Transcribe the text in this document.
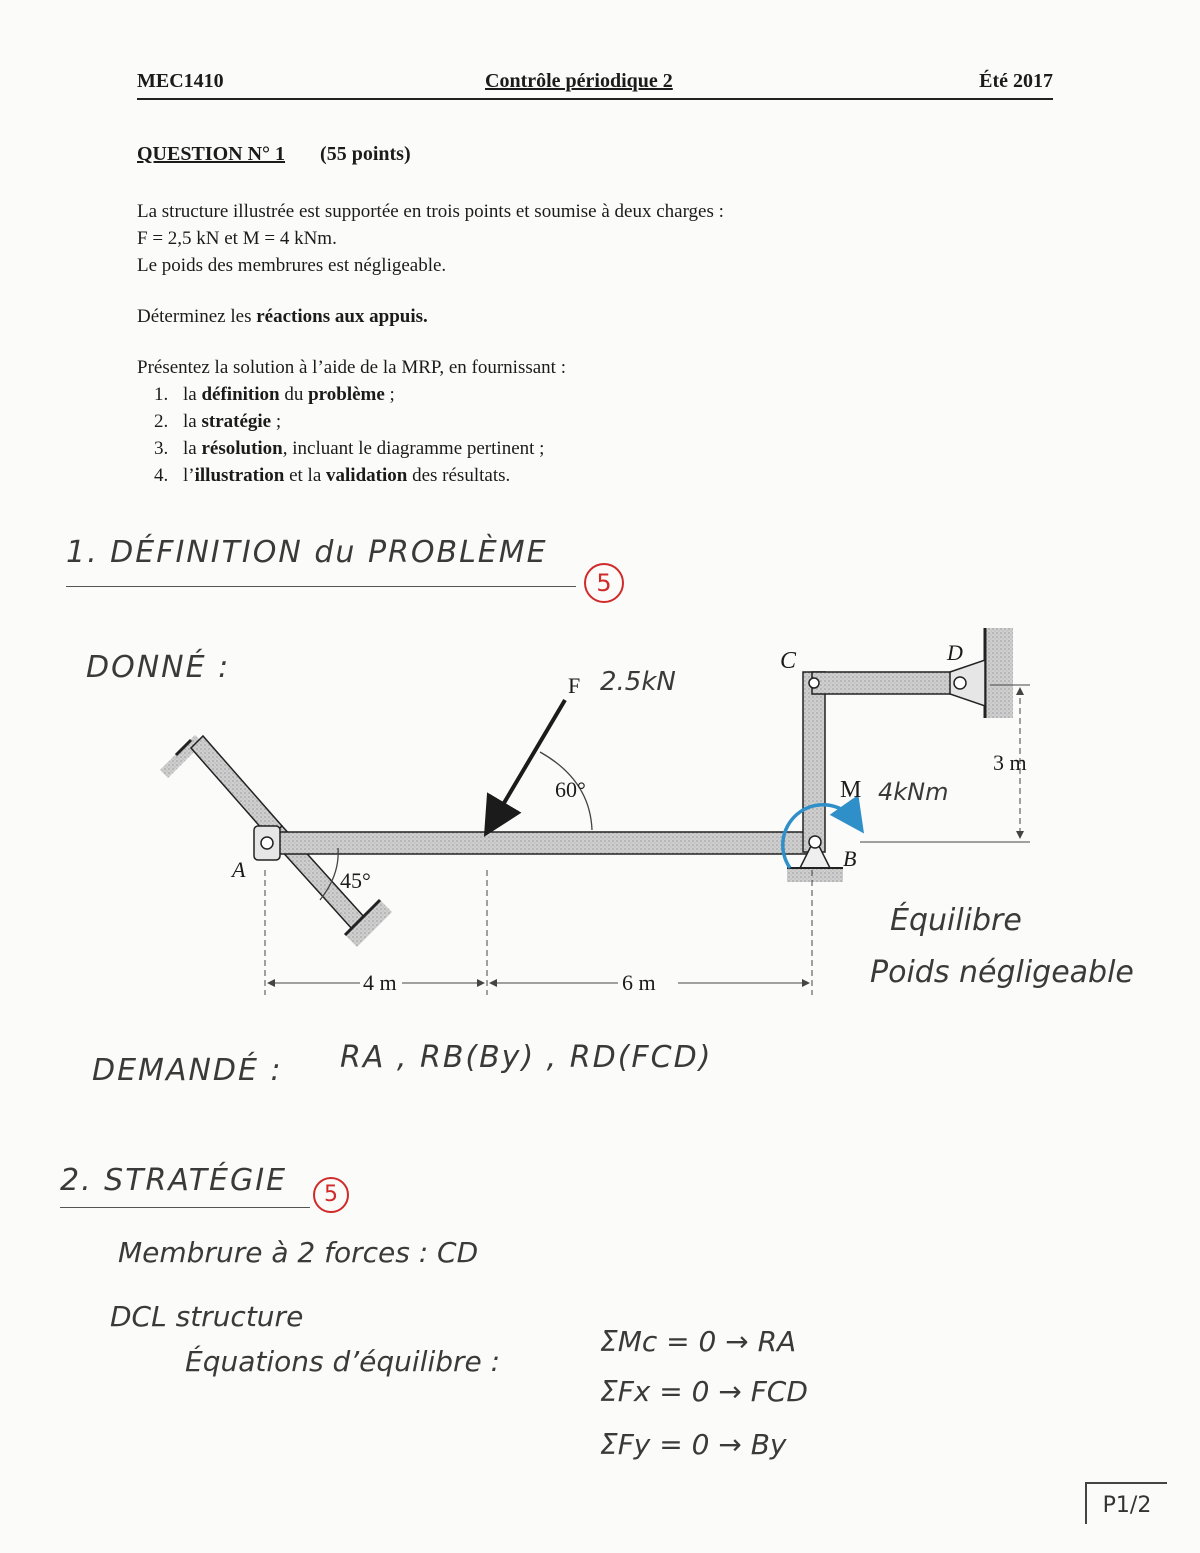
MEC1410	Contrôle périodique 2	Été 2017
QUESTION N° 1 (55 points)
La structure illustrée est supportée en trois points et soumise à deux charges :
F = 2,5 kN et M = 4 kNm.
Le poids des membrures est négligeable.
Déterminez les réactions aux appuis.
Présentez la solution à l’aide de la MRP, en fournissant :
1. la définition du problème ;
2. la stratégie ;
3. la résolution, incluant le diagramme pertinent ;
4. l’illustration et la validation des résultats.
1. DÉFINITION du PROBLÈME
5
DONNÉ :
F
60°
45°
M
A	B
C	D
3 m
4 m	6 m
2.5kN
4kNm
Équilibre
Poids négligeable
DEMANDÉ : RA , RB(By) , RD(FCD)
2. STRATÉGIE	5
Membrure à 2 forces : CD
DCL structure
Équations d’équilibre :
ΣMc = 0 → RA
ΣFx = 0 → FCD
ΣFy = 0 → By
P1/2
